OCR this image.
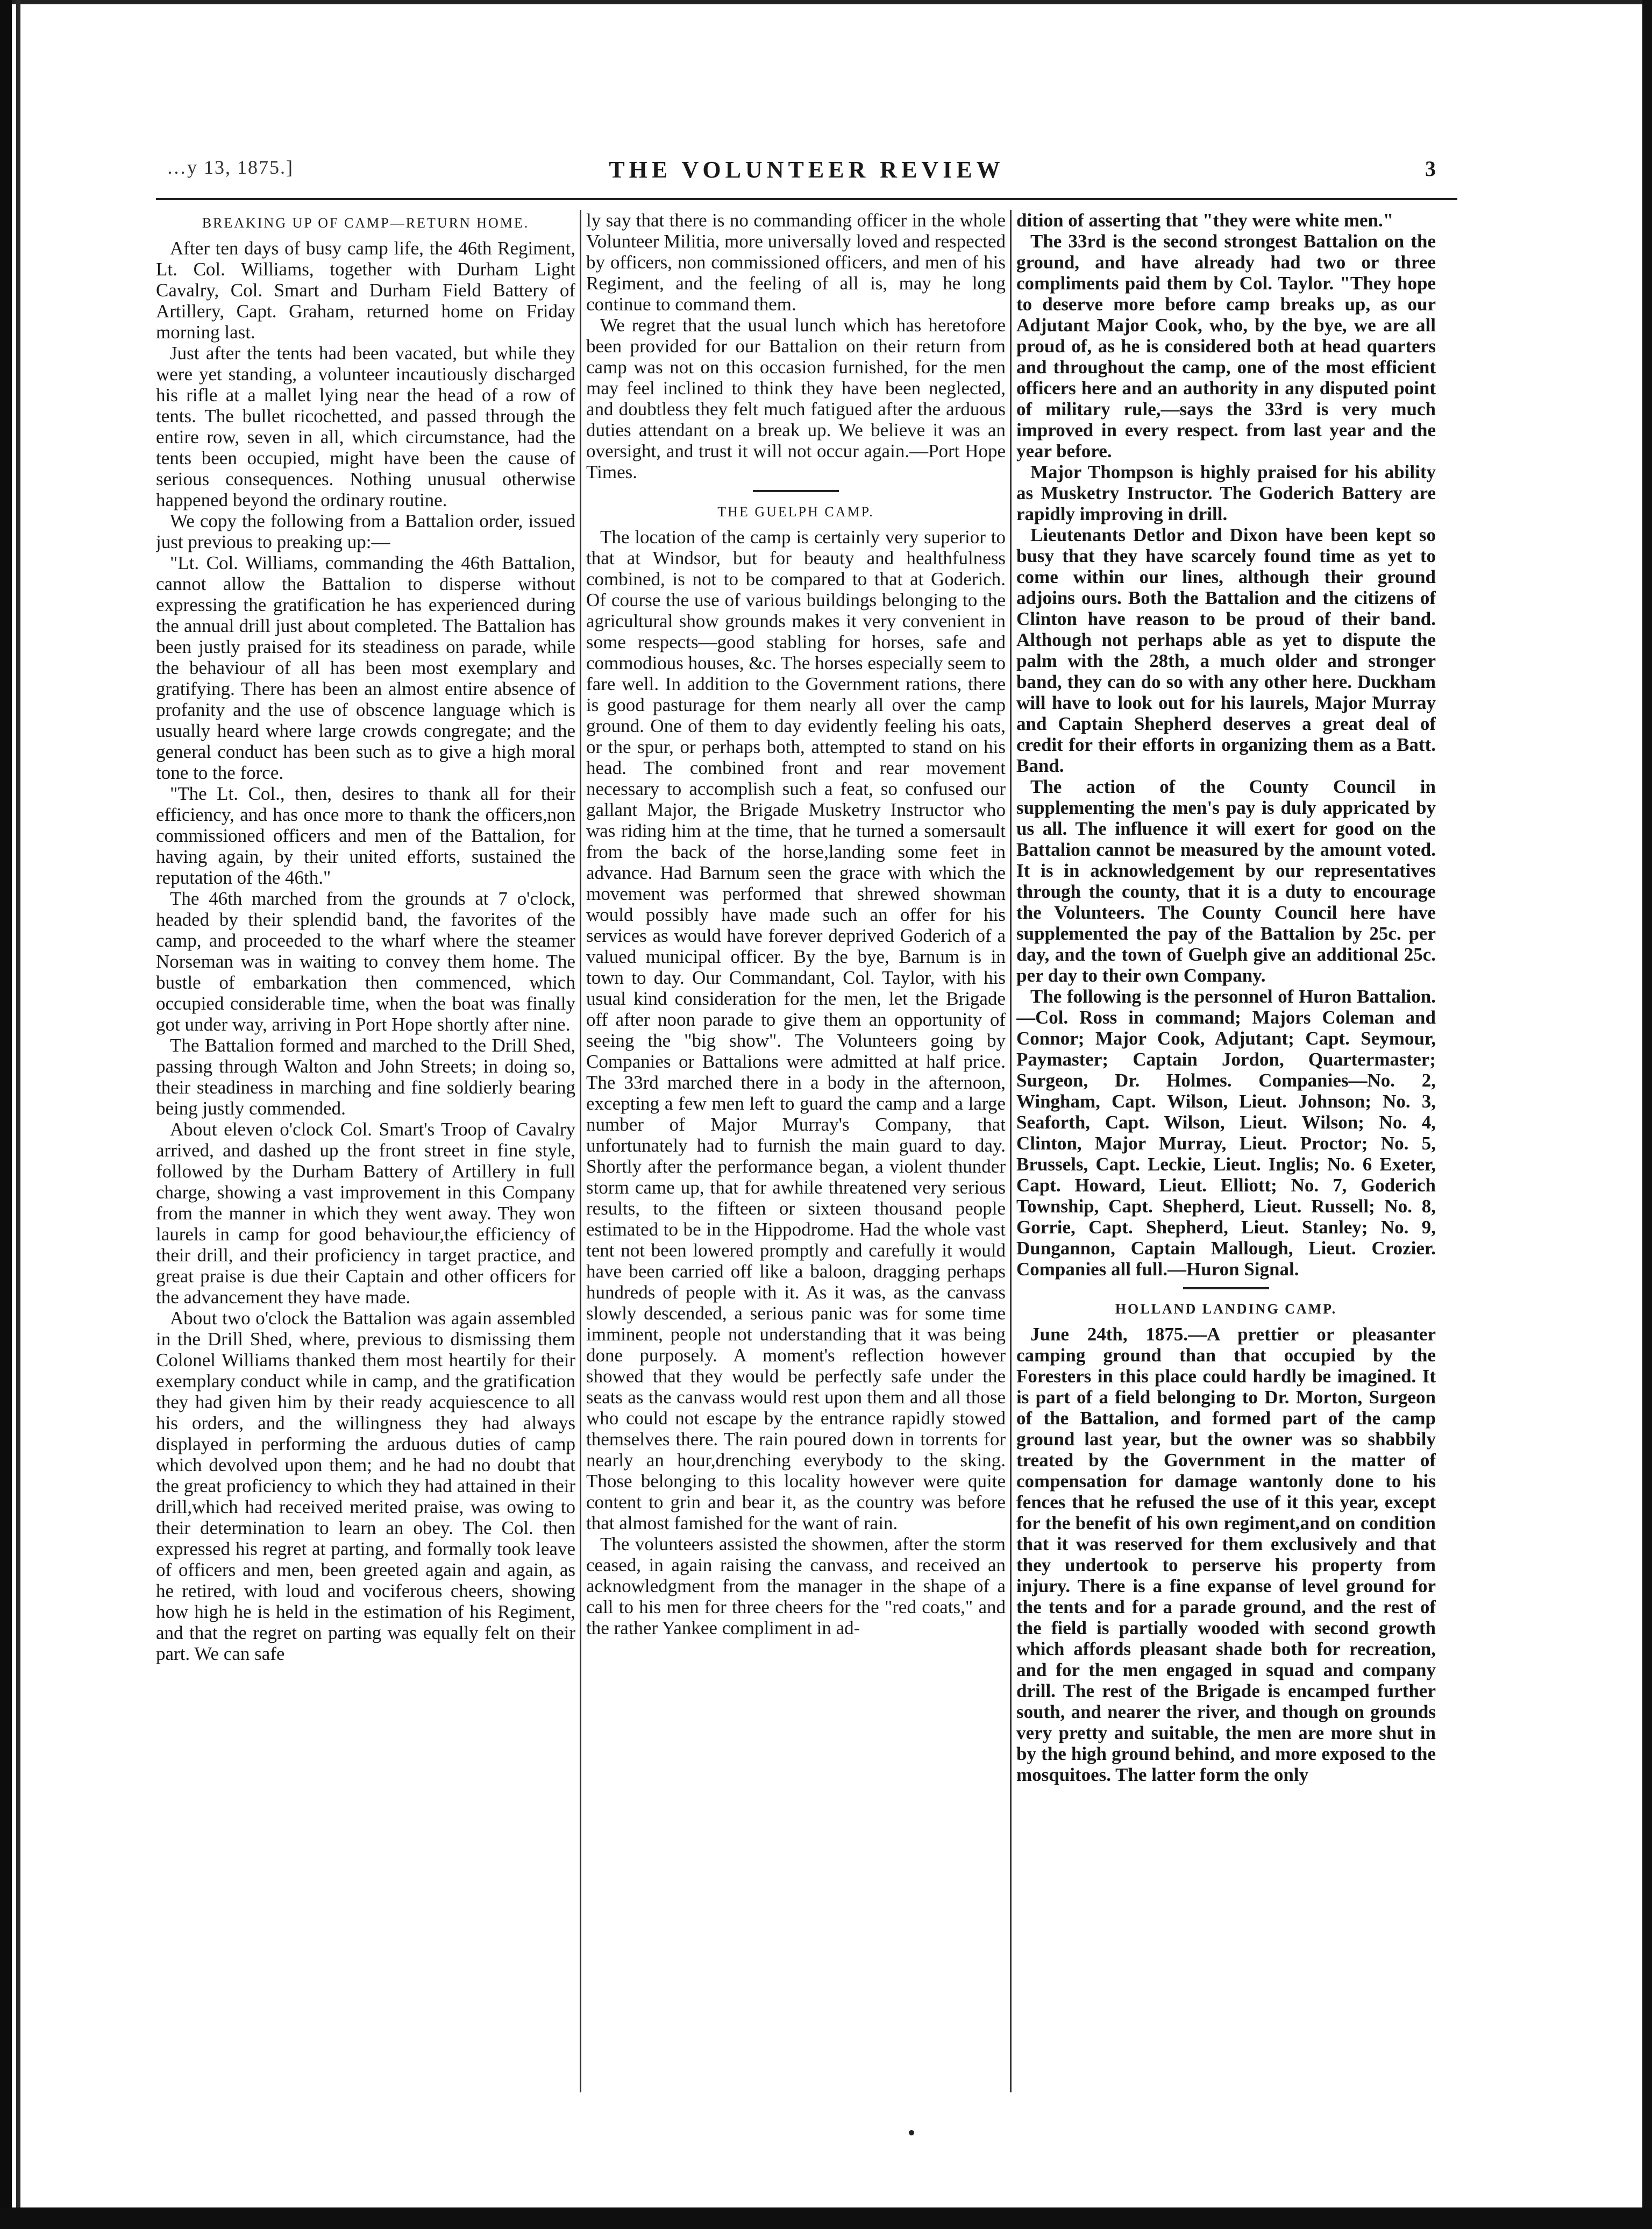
…y 13, 1875.]	THE VOLUNTEER REVIEW	3
BREAKING UP OF CAMP—RETURN HOME.

After ten days of busy camp life, the 46th Regiment, Lt. Col. Williams, together with Durham Light Cavalry, Col. Smart and Durham Field Battery of Artillery, Capt. Graham, returned home on Friday morning last.

Just after the tents had been vacated, but while they were yet standing, a volunteer incautiously discharged his rifle at a mallet lying near the head of a row of tents. The bullet ricochetted, and passed through the entire row, seven in all, which circumstance, had the tents been occupied, might have been the cause of serious consequences. Nothing unusual otherwise happened beyond the ordinary routine.

We copy the following from a Battalion order, issued just previous to preaking up:—

"Lt. Col. Williams, commanding the 46th Battalion, cannot allow the Battalion to disperse without expressing the gratification he has experienced during the annual drill just about completed. The Battalion has been justly praised for its steadiness on parade, while the behaviour of all has been most exemplary and gratifying. There has been an almost entire absence of profanity and the use of obscence language which is usually heard where large crowds congregate; and the general conduct has been such as to give a high moral tone to the force.

"The Lt. Col., then, desires to thank all for their efficiency, and has once more to thank the officers,non commissioned officers and men of the Battalion, for having again, by their united efforts, sustained the reputation of the 46th."

The 46th marched from the grounds at 7 o'clock, headed by their splendid band, the favorites of the camp, and proceeded to the wharf where the steamer Norseman was in waiting to convey them home. The bustle of embarkation then commenced, which occupied considerable time, when the boat was finally got under way, arriving in Port Hope shortly after nine.

The Battalion formed and marched to the Drill Shed, passing through Walton and John Streets; in doing so, their steadiness in marching and fine soldierly bearing being justly commended.

About eleven o'clock Col. Smart's Troop of Cavalry arrived, and dashed up the front street in fine style, followed by the Durham Battery of Artillery in full charge, showing a vast improvement in this Company from the manner in which they went away. They won laurels in camp for good behaviour,the efficiency of their drill, and their proficiency in target practice, and great praise is due their Captain and other officers for the advancement they have made.

About two o'clock the Battalion was again assembled in the Drill Shed, where, previous to dismissing them Colonel Williams thanked them most heartily for their exemplary conduct while in camp, and the gratification they had given him by their ready acquiescence to all his orders, and the willingness they had always displayed in performing the arduous duties of camp which devolved upon them; and he had no doubt that the great proficiency to which they had attained in their drill,which had received merited praise, was owing to their determination to learn an obey. The Col. then expressed his regret at parting, and formally took leave of officers and men, been greeted again and again, as he retired, with loud and vociferous cheers, showing how high he is held in the estimation of his Regiment, and that the regret on parting was equally felt on their part. We can safe

ly say that there is no commanding officer in the whole Volunteer Militia, more universally loved and respected by officers, non commissioned officers, and men of his Regiment, and the feeling of all is, may he long continue to command them.

We regret that the usual lunch which has heretofore been provided for our Battalion on their return from camp was not on this occasion furnished, for the men may feel inclined to think they have been neglected, and doubtless they felt much fatigued after the arduous duties attendant on a break up. We believe it was an oversight, and trust it will not occur again.—Port Hope Times.

THE GUELPH CAMP.

The location of the camp is certainly very superior to that at Windsor, but for beauty and healthfulness combined, is not to be compared to that at Goderich. Of course the use of various buildings belonging to the agricultural show grounds makes it very convenient in some respects—good stabling for horses, safe and commodious houses, &c. The horses especially seem to fare well. In addition to the Government rations, there is good pasturage for them nearly all over the camp ground. One of them to day evidently feeling his oats, or the spur, or perhaps both, attempted to stand on his head. The combined front and rear movement necessary to accomplish such a feat, so confused our gallant Major, the Brigade Musketry Instructor who was riding him at the time, that he turned a somersault from the back of the horse,landing some feet in advance. Had Barnum seen the grace with which the movement was performed that shrewed showman would possibly have made such an offer for his services as would have forever deprived Goderich of a valued municipal officer. By the bye, Barnum is in town to day. Our Commandant, Col. Taylor, with his usual kind consideration for the men, let the Brigade off after noon parade to give them an opportunity of seeing the "big show". The Volunteers going by Companies or Battalions were admitted at half price. The 33rd marched there in a body in the afternoon, excepting a few men left to guard the camp and a large number of Major Murray's Company, that unfortunately had to furnish the main guard to day. Shortly after the performance began, a violent thunder storm came up, that for awhile threatened very serious results, to the fifteen or sixteen thousand people estimated to be in the Hippodrome. Had the whole vast tent not been lowered promptly and carefully it would have been carried off like a baloon, dragging perhaps hundreds of people with it. As it was, as the canvass slowly descended, a serious panic was for some time imminent, people not understanding that it was being done purposely. A moment's reflection however showed that they would be perfectly safe under the seats as the canvass would rest upon them and all those who could not escape by the entrance rapidly stowed themselves there. The rain poured down in torrents for nearly an hour,drenching everybody to the sking. Those belonging to this locality however were quite content to grin and bear it, as the country was before that almost famished for the want of rain.

The volunteers assisted the showmen, after the storm ceased, in again raising the canvass, and received an acknowledgment from the manager in the shape of a call to his men for three cheers for the "red coats," and the rather Yankee compliment in ad-

dition of asserting that "they were white men."

The 33rd is the second strongest Battalion on the ground, and have already had two or three compliments paid them by Col. Taylor. "They hope to deserve more before camp breaks up, as our Adjutant Major Cook, who, by the bye, we are all proud of, as he is considered both at head quarters and throughout the camp, one of the most efficient officers here and an authority in any disputed point of military rule,—says the 33rd is very much improved in every respect. from last year and the year before.

Major Thompson is highly praised for his ability as Musketry Instructor. The Goderich Battery are rapidly improving in drill.

Lieutenants Detlor and Dixon have been kept so busy that they have scarcely found time as yet to come within our lines, although their ground adjoins ours. Both the Battalion and the citizens of Clinton have reason to be proud of their band. Although not perhaps able as yet to dispute the palm with the 28th, a much older and stronger band, they can do so with any other here. Duckham will have to look out for his laurels, Major Murray and Captain Shepherd deserves a great deal of credit for their efforts in organizing them as a Batt. Band.

The action of the County Council in supplementing the men's pay is duly appricated by us all. The influence it will exert for good on the Battalion cannot be measured by the amount voted. It is in acknowledgement by our representatives through the county, that it is a duty to encourage the Volunteers. The County Council here have supplemented the pay of the Battalion by 25c. per day, and the town of Guelph give an additional 25c. per day to their own Company.

The following is the personnel of Huron Battalion.—Col. Ross in command; Majors Coleman and Connor; Major Cook, Adjutant; Capt. Seymour, Paymaster; Captain Jordon, Quartermaster; Surgeon, Dr. Holmes. Companies—No. 2, Wingham, Capt. Wilson, Lieut. Johnson; No. 3, Seaforth, Capt. Wilson, Lieut. Wilson; No. 4, Clinton, Major Murray, Lieut. Proctor; No. 5, Brussels, Capt. Leckie, Lieut. Inglis; No. 6 Exeter, Capt. Howard, Lieut. Elliott; No. 7, Goderich Township, Capt. Shepherd, Lieut. Russell; No. 8, Gorrie, Capt. Shepherd, Lieut. Stanley; No. 9, Dungannon, Captain Mallough, Lieut. Crozier. Companies all full.—Huron Signal.

HOLLAND LANDING CAMP.

June 24th, 1875.—A prettier or pleasanter camping ground than that occupied by the Foresters in this place could hardly be imagined. It is part of a field belonging to Dr. Morton, Surgeon of the Battalion, and formed part of the camp ground last year, but the owner was so shabbily treated by the Government in the matter of compensation for damage wantonly done to his fences that he refused the use of it this year, except for the benefit of his own regiment,and on condition that it was reserved for them exclusively and that they undertook to perserve his property from injury. There is a fine expanse of level ground for the tents and for a parade ground, and the rest of the field is partially wooded with second growth which affords pleasant shade both for recreation, and for the men engaged in squad and company drill. The rest of the Brigade is encamped further south, and nearer the river, and though on grounds very pretty and suitable, the men are more shut in by the high ground behind, and more exposed to the mosquitoes. The latter form the only
